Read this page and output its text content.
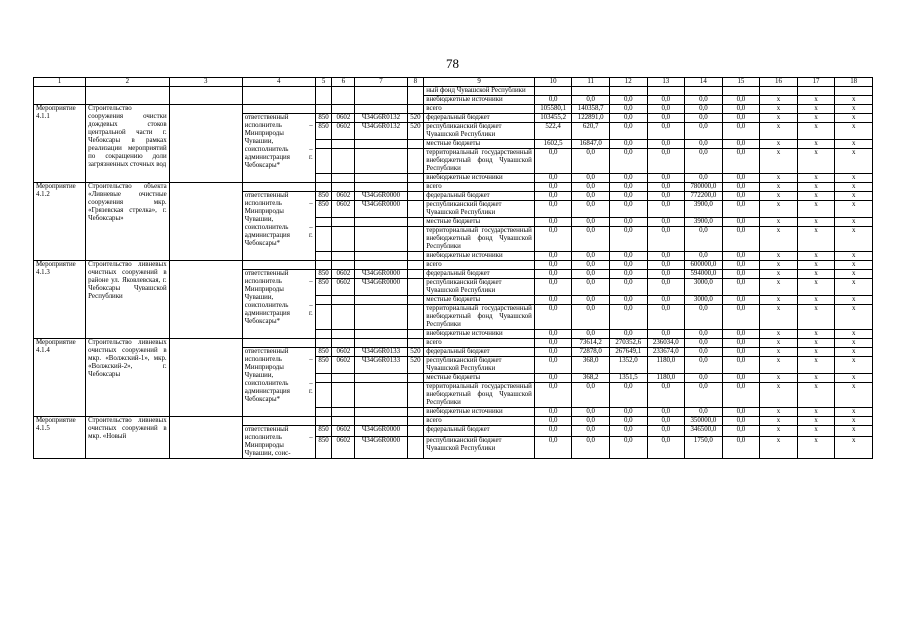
78
1	2	3	4	5	6	7	8	9	10	11	12	13	14	15	16	17	18
								ный фонд Чувашской Республики									
								внебюджетные источники	0,0	0,0	0,0	0,0	0,0	0,0	x	x	x
Мероприятие 4.1.1	Строительство сооружения очистки дождевых стоков центральной части г. Чебоксары в рамках реализации мероприятий по сокращению доли загрязненных сточных вод							всего	105580,1	140358,7	0,0	0,0	0,0	0,0	x	x	x
			ответственный исполнитель – Минприроды Чувашии, соисполнитель – администрация г. Чебоксары*	850	0602	Ч34G6R0132	520	федеральный бюджет	103455,2	122891,0	0,0	0,0	0,0	0,0	x	x	x
				850	0602	Ч34G6R0132	520	республиканский бюджет Чувашской Республики	522,4	620,7	0,0	0,0	0,0	0,0	x	x	x
								местные бюджеты	1602,5	16847,0	0,0	0,0	0,0	0,0	x	x	x
								территориальный государственный внебюджетный фонд Чувашской Республики	0,0	0,0	0,0	0,0	0,0	0,0	x	x	x
								внебюджетные источники	0,0	0,0	0,0	0,0	0,0	0,0	x	x	x
Мероприятие 4.1.2	Строительство объекта «Ливневые очистные сооружения мкр. «Грязевская стрелка», г. Чебоксары»							всего	0,0	0,0	0,0	0,0	780000,0	0,0	x	x	x
			ответственный исполнитель – Минприроды Чувашии, соисполнитель – администрация г. Чебоксары*	850	0602	Ч34G6R0000		федеральный бюджет	0,0	0,0	0,0	0,0	772200,0	0,0	x	x	x
				850	0602	Ч34G6R0000		республиканский бюджет Чувашской Республики	0,0	0,0	0,0	0,0	3900,0	0,0	x	x	x
								местные бюджеты	0,0	0,0	0,0	0,0	3900,0	0,0	x	x	x
								территориальный государственный внебюджетный фонд Чувашской Республики	0,0	0,0	0,0	0,0	0,0	0,0	x	x	x
								внебюджетные источники	0,0	0,0	0,0	0,0	0,0	0,0	x	x	x
Мероприятие 4.1.3	Строительство ливневых очистных сооружений в районе ул. Яковлевская, г. Чебоксары Чувашской Республики							всего	0,0	0,0	0,0	0,0	600000,0	0,0	x	x	x
			ответственный исполнитель – Минприроды Чувашии, соисполнитель – администрация г. Чебоксары*	850	0602	Ч34G6R0000		федеральный бюджет	0,0	0,0	0,0	0,0	594000,0	0,0	x	x	x
				850	0602	Ч34G6R0000		республиканский бюджет Чувашской Республики	0,0	0,0	0,0	0,0	3000,0	0,0	x	x	x
								местные бюджеты	0,0	0,0	0,0	0,0	3000,0	0,0	x	x	x
								территориальный государственный внебюджетный фонд Чувашской Республики	0,0	0,0	0,0	0,0	0,0	0,0	x	x	x
								внебюджетные источники	0,0	0,0	0,0	0,0	0,0	0,0	x	x	x
Мероприятие 4.1.4	Строительство ливневых очистных сооружений в мкр. «Волжский-1», мкр. «Волжский-2», г. Чебоксары							всего	0,0	73614,2	270352,6	236034,0	0,0	0,0	x	x	x
			ответственный исполнитель – Минприроды Чувашии, соисполнитель – администрация г. Чебоксары*	850	0602	Ч34G6R0133	520	федеральный бюджет	0,0	72878,0	267649,1	233674,0	0,0	0,0	x	x	x
				850	0602	Ч34G6R0133	520	республиканский бюджет Чувашской Республики	0,0	368,0	1352,0	1180,0	0,0	0,0	x	x	x
								местные бюджеты	0,0	368,2	1351,5	1180,0	0,0	0,0	x	x	x
								территориальный государственный внебюджетный фонд Чувашской Республики	0,0	0,0	0,0	0,0	0,0	0,0	x	x	x
								внебюджетные источники	0,0	0,0	0,0	0,0	0,0	0,0	x	x	x
Мероприятие 4.1.5	Строительство ливневых очистных сооружений в мкр. «Новый							всего	0,0	0,0	0,0	0,0	350000,0	0,0	x	x	x
			ответственный исполнитель – Минприроды Чувашии, соис-	850	0602	Ч34G6R0000		федеральный бюджет	0,0	0,0	0,0	0,0	346500,0	0,0	x	x	x
				850	0602	Ч34G6R0000		республиканский бюджет Чувашской Республики	0,0	0,0	0,0	0,0	1750,0	0,0	x	x	x
